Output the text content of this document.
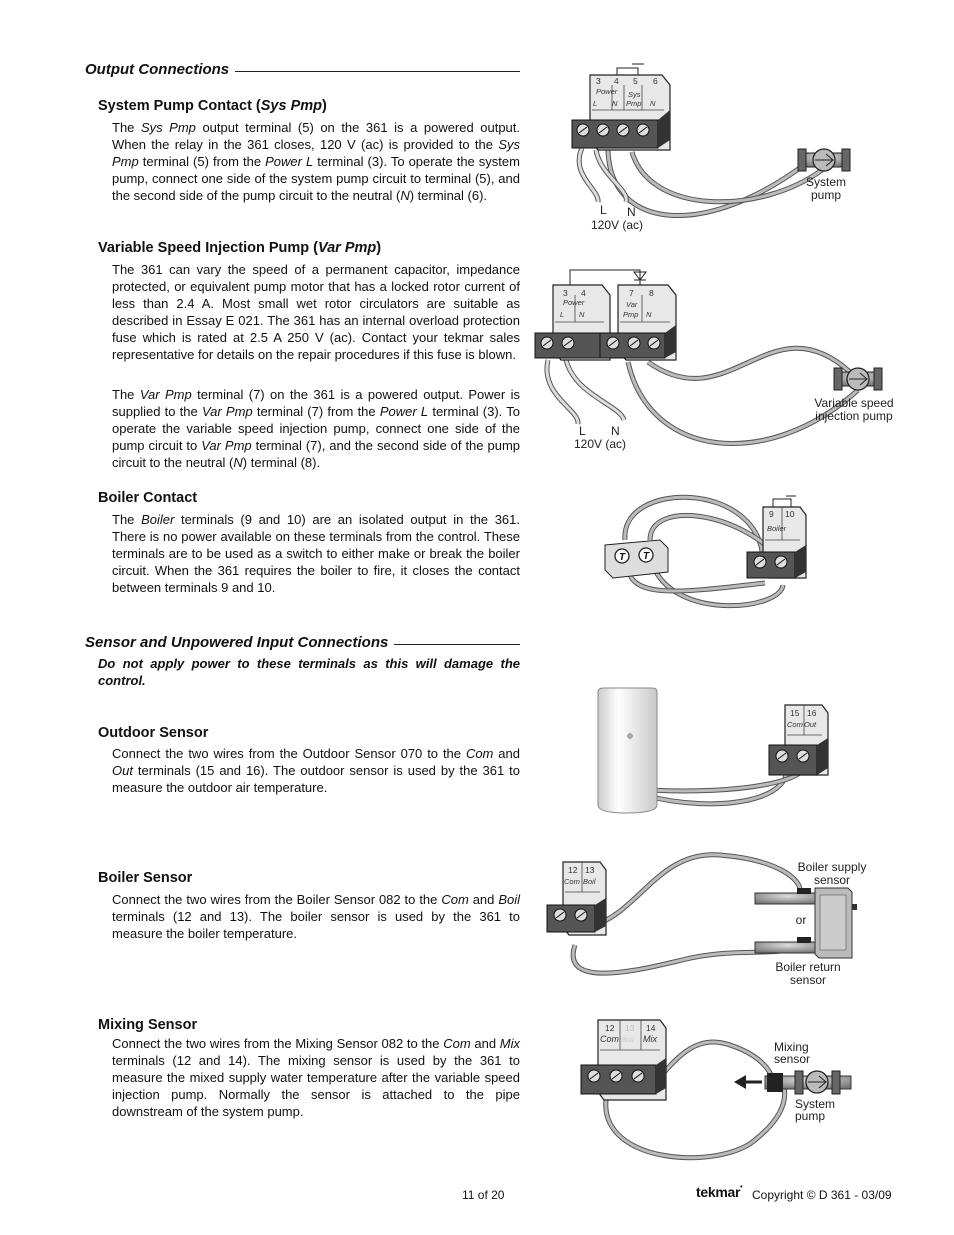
Output Connections
System Pump Contact (Sys Pmp)
The Sys Pmp output terminal (5) on the 361 is a powered output. When the relay in the 361 closes, 120 V (ac) is provided to the Sys Pmp terminal (5) from the Power L terminal (3). To operate the system pump, connect one side of the system pump circuit to terminal (5), and the second side of the pump circuit to the neutral (N) terminal (6).
Variable Speed Injection Pump (Var Pmp)
The 361 can vary the speed of a permanent capacitor, impedance protected, or equivalent pump motor that has a locked rotor current of less than 2.4 A. Most small wet rotor circulators are suitable as described in Essay E 021. The 361 has an internal overload protection fuse which is rated at 2.5 A 250 V (ac). Contact your tekmar sales representative for details on the repair procedures if this fuse is blown.
The Var Pmp terminal (7) on the 361 is a powered output. Power is supplied to the Var Pmp terminal (7) from the Power L terminal (3). To operate the variable speed injection pump, connect one side of the pump circuit to Var Pmp terminal (7), and the second side of the pump circuit to the neutral (N) terminal (8).
Boiler Contact
The Boiler terminals (9 and 10) are an isolated output in the 361. There is no power available on these terminals from the control. These terminals are to be used as a switch to either make or break the boiler circuit. When the 361 requires the boiler to fire, it closes the contact between terminals 9 and 10.
Sensor and Unpowered Input Connections
Do not apply power to these terminals as this will damage the control.
Outdoor Sensor
Connect the two wires from the Outdoor Sensor 070 to the Com and Out terminals (15 and 16). The outdoor sensor is used by the 361 to measure the outdoor air temperature.
Boiler Sensor
Connect the two wires from the Boiler Sensor 082 to the Com and Boil terminals (12 and 13). The boiler sensor is used by the 361 to measure the boiler temperature.
Mixing Sensor
Connect the two wires from the Mixing Sensor 082 to the Com and Mix terminals (12 and 14). The mixing sensor is used by the 361 to measure the mixed supply water temperature after the variable speed injection pump. Normally the sensor is attached to the pipe downstream of the system pump.
3 4 5 6
Power
L N
Sys
Pmp N
L N
120V (ac)
3 4	7 8
Power
L N
Var
Pmp N
L N
120V (ac)
T T
9 10
Boiler
15 16
Com Out
12 13
Com Boil
Boiler supply
sensor
or
Boiler return
sensor
12 13 14
Com Boil Mix
Mixing
sensor
System
pump
System
pump
Variable speed
injection pump
11 of 20	tekmar•
Copyright © D 361 - 03/09
